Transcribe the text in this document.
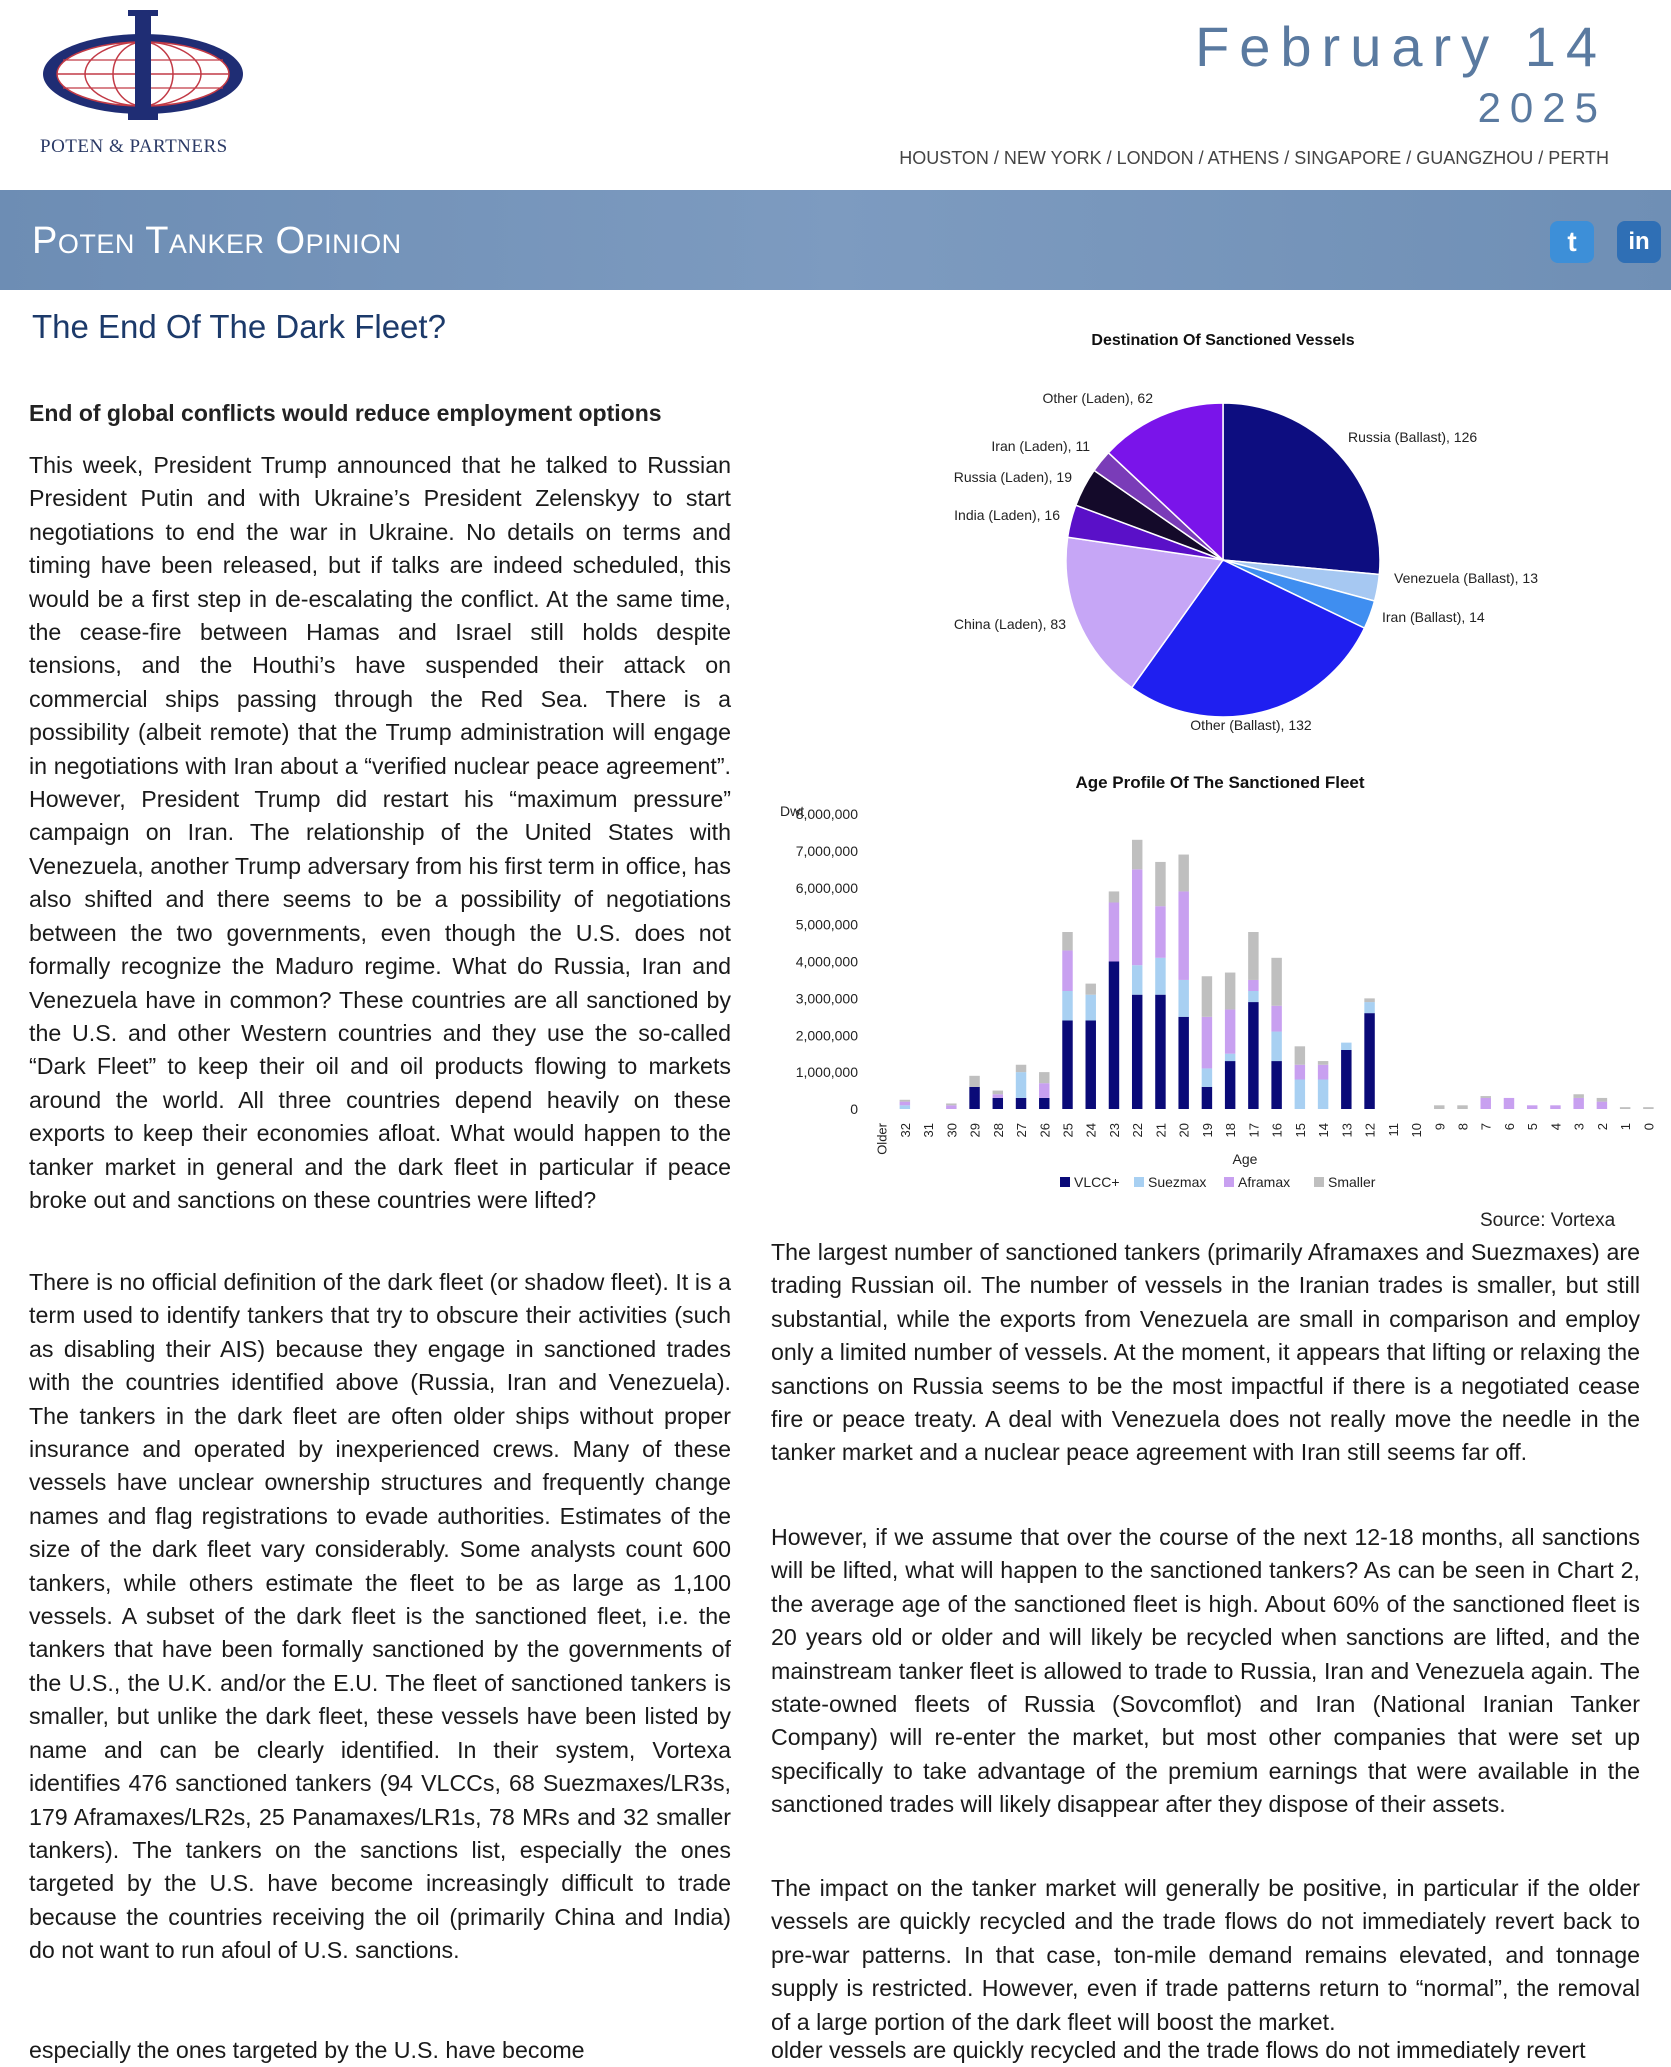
POTEN & PARTNERS
February 14
2025
HOUSTON / NEW YORK / LONDON / ATHENS / SINGAPORE / GUANGZHOU / PERTH
Poten Tanker Opinion	t	in
The End Of The Dark Fleet?
End of global conflicts would reduce employment options

This week, President Trump announced that he talked to Russian President Putin and with Ukraine’s President Zelenskyy to start negotiations to end the war in Ukraine. No details on terms and timing have been released, but if talks are indeed scheduled, this would be a first step in de-escalating the conflict. At the same time, the cease-fire between Hamas and Israel still holds despite tensions, and the Houthi’s have suspended their attack on commercial ships passing through the Red Sea. There is a possibility (albeit remote) that the Trump administration will engage in negotiations with Iran about a “verified nuclear peace agreement”. However, President Trump did restart his “maximum pressure” campaign on Iran. The relationship of the United States with Venezuela, another Trump adversary from his first term in office, has also shifted and there seems to be a possibility of negotiations between the two governments, even though the U.S. does not formally recognize the Maduro regime. What do Russia, Iran and Venezuela have in common? These countries are all sanctioned by the U.S. and other Western countries and they use the so-called “Dark Fleet” to keep their oil and oil products flowing to markets around the world. All three countries depend heavily on these exports to keep their economies afloat. What would happen to the tanker market in general and the dark fleet in particular if peace broke out and sanctions on these countries were lifted?

There is no official definition of the dark fleet (or shadow fleet). It is a term used to identify tankers that try to obscure their activities (such as disabling their AIS) because they engage in sanctioned trades with the countries identified above (Russia, Iran and Venezuela). The tankers in the dark fleet are often older ships without proper insurance and operated by inexperienced crews. Many of these vessels have unclear ownership structures and frequently change names and flag registrations to evade authorities. Estimates of the size of the dark fleet vary considerably. Some analysts count 600 tankers, while others estimate the fleet to be as large as 1,100 vessels. A subset of the dark fleet is the sanctioned fleet, i.e. the tankers that have been formally sanctioned by the governments of the U.S., the U.K. and/or the E.U. The fleet of sanctioned tankers is smaller, but unlike the dark fleet, these vessels have been listed by name and can be clearly identified. In their system, Vortexa identifies 476 sanctioned tankers (94 VLCCs, 68 Suezmaxes/LR3s, 179 Aframaxes/LR2s, 25 Panamaxes/LR1s, 78 MRs and 32 smaller tankers). The tankers on the sanctions list, especially the ones targeted by the U.S. have become increasingly difficult to trade because the countries receiving the oil (primarily China and India) do not want to run afoul of U.S. sanctions.

especially the ones targeted by the U.S. have become

Destination Of Sanctioned Vessels
Russia (Ballast), 126
Venezuela (Ballast), 13
Iran (Ballast), 14
Other (Ballast), 132
China (Laden), 83
India (Laden), 16
Russia (Laden), 19
Iran (Laden), 11
Other (Laden), 62
Age Profile Of The Sanctioned Fleet
Dwt
0
1,000,000
2,000,000
3,000,000
4,000,000
5,000,000
6,000,000
7,000,000
8,000,000
Older 32 31 30 29 28 27 26 25 24 23 22 21 20 19 18 17 16 15 14 13 12 11 10 9 8 7 6 5 4 3 2 1 0
Age
VLCC+ Suezmax Aframax	Smaller
Source: Vortexa

The largest number of sanctioned tankers (primarily Aframaxes and Suezmaxes) are trading Russian oil. The number of vessels in the Iranian trades is smaller, but still substantial, while the exports from Venezuela are small in comparison and employ only a limited number of vessels. At the moment, it appears that lifting or relaxing the sanctions on Russia seems to be the most impactful if there is a negotiated cease fire or peace treaty. A deal with Venezuela does not really move the needle in the tanker market and a nuclear peace agreement with Iran still seems far off.

However, if we assume that over the course of the next 12-18 months, all sanctions will be lifted, what will happen to the sanctioned tankers? As can be seen in Chart 2, the average age of the sanctioned fleet is high. About 60% of the sanctioned fleet is 20 years old or older and will likely be recycled when sanctions are lifted, and the mainstream tanker fleet is allowed to trade to Russia, Iran and Venezuela again. The state-owned fleets of Russia (Sovcomflot) and Iran (National Iranian Tanker Company) will re-enter the market, but most other companies that were set up specifically to take advantage of the premium earnings that were available in the sanctioned trades will likely disappear after they dispose of their assets.

The impact on the tanker market will generally be positive, in particular if the older vessels are quickly recycled and the trade flows do not immediately revert back to pre-war patterns. In that case, ton-mile demand remains elevated, and tonnage supply is restricted. However, even if trade patterns return to “normal”, the removal of a large portion of the dark fleet will boost the market.

older vessels are quickly recycled and the trade flows do not immediately revert
